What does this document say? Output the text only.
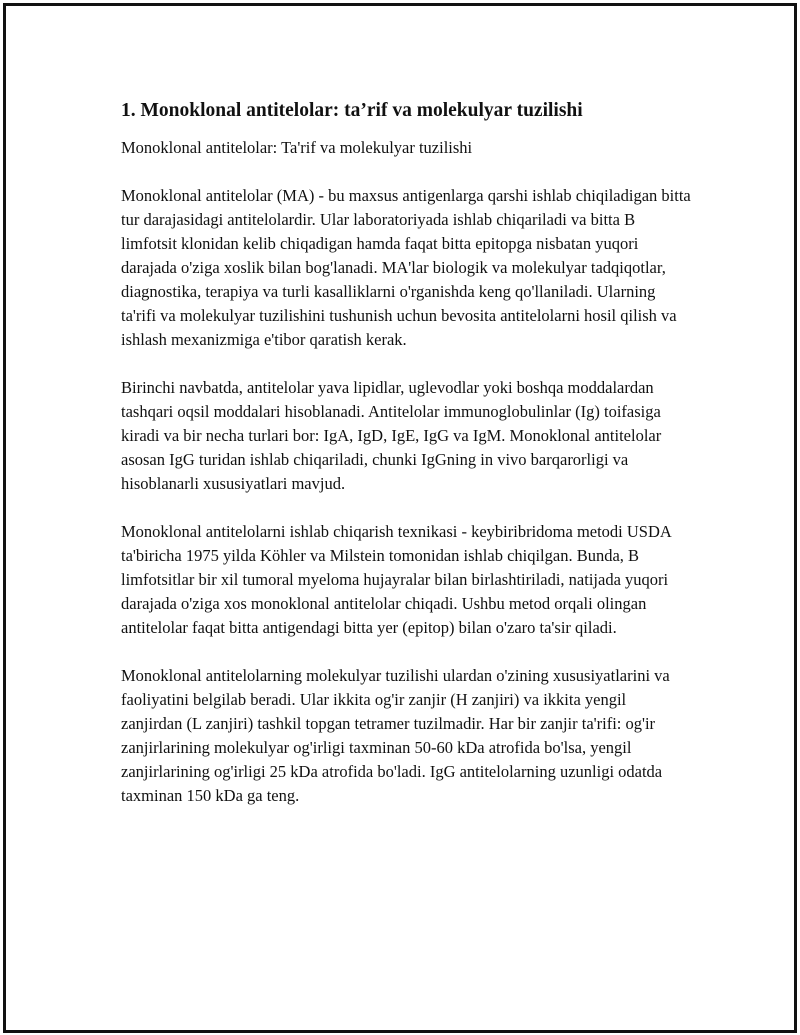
1. Monoklonal antitelolar: ta’rif va molekulyar tuzilishi

Monoklonal antitelolar: Ta'rif va molekulyar tuzilishi

Monoklonal antitelolar (MA) - bu maxsus antigenlarga qarshi ishlab chiqiladigan bitta tur darajasidagi antitelolardir. Ular laboratoriyada ishlab chiqariladi va bitta B limfotsit klonidan kelib chiqadigan hamda faqat bitta epitopga nisbatan yuqori darajada o'ziga xoslik bilan bog'lanadi. MA'lar biologik va molekulyar tadqiqotlar, diagnostika, terapiya va turli kasalliklarni o'rganishda keng qo'llaniladi. Ularning ta'rifi va molekulyar tuzilishini tushunish uchun bevosita antitelolarni hosil qilish va ishlash mexanizmiga e'tibor qaratish kerak.

Birinchi navbatda, antitelolar yava lipidlar, uglevodlar yoki boshqa moddalardan tashqari oqsil moddalari hisoblanadi. Antitelolar immunoglobulinlar (Ig) toifasiga kiradi va bir necha turlari bor: IgA, IgD, IgE, IgG va IgM. Monoklonal antitelolar asosan IgG turidan ishlab chiqariladi, chunki IgGning in vivo barqarorligi va hisoblanarli xususiyatlari mavjud.

Monoklonal antitelolarni ishlab chiqarish texnikasi - keybiribridoma metodi USDA ta'biricha 1975 yilda Köhler va Milstein tomonidan ishlab chiqilgan. Bunda, B limfotsitlar bir xil tumoral myeloma hujayralar bilan birlashtiriladi, natijada yuqori darajada o'ziga xos monoklonal antitelolar chiqadi. Ushbu metod orqali olingan antitelolar faqat bitta antigendagi bitta yer (epitop) bilan o'zaro ta'sir qiladi.

Monoklonal antitelolarning molekulyar tuzilishi ulardan o'zining xususiyatlarini va faoliyatini belgilab beradi. Ular ikkita og'ir zanjir (H zanjiri) va ikkita yengil zanjirdan (L zanjiri) tashkil topgan tetramer tuzilmadir. Har bir zanjir ta'rifi: og'ir zanjirlarining molekulyar og'irligi taxminan 50-60 kDa atrofida bo'lsa, yengil zanjirlarining og'irligi 25 kDa atrofida bo'ladi. IgG antitelolarning uzunligi odatda taxminan 150 kDa ga teng.
